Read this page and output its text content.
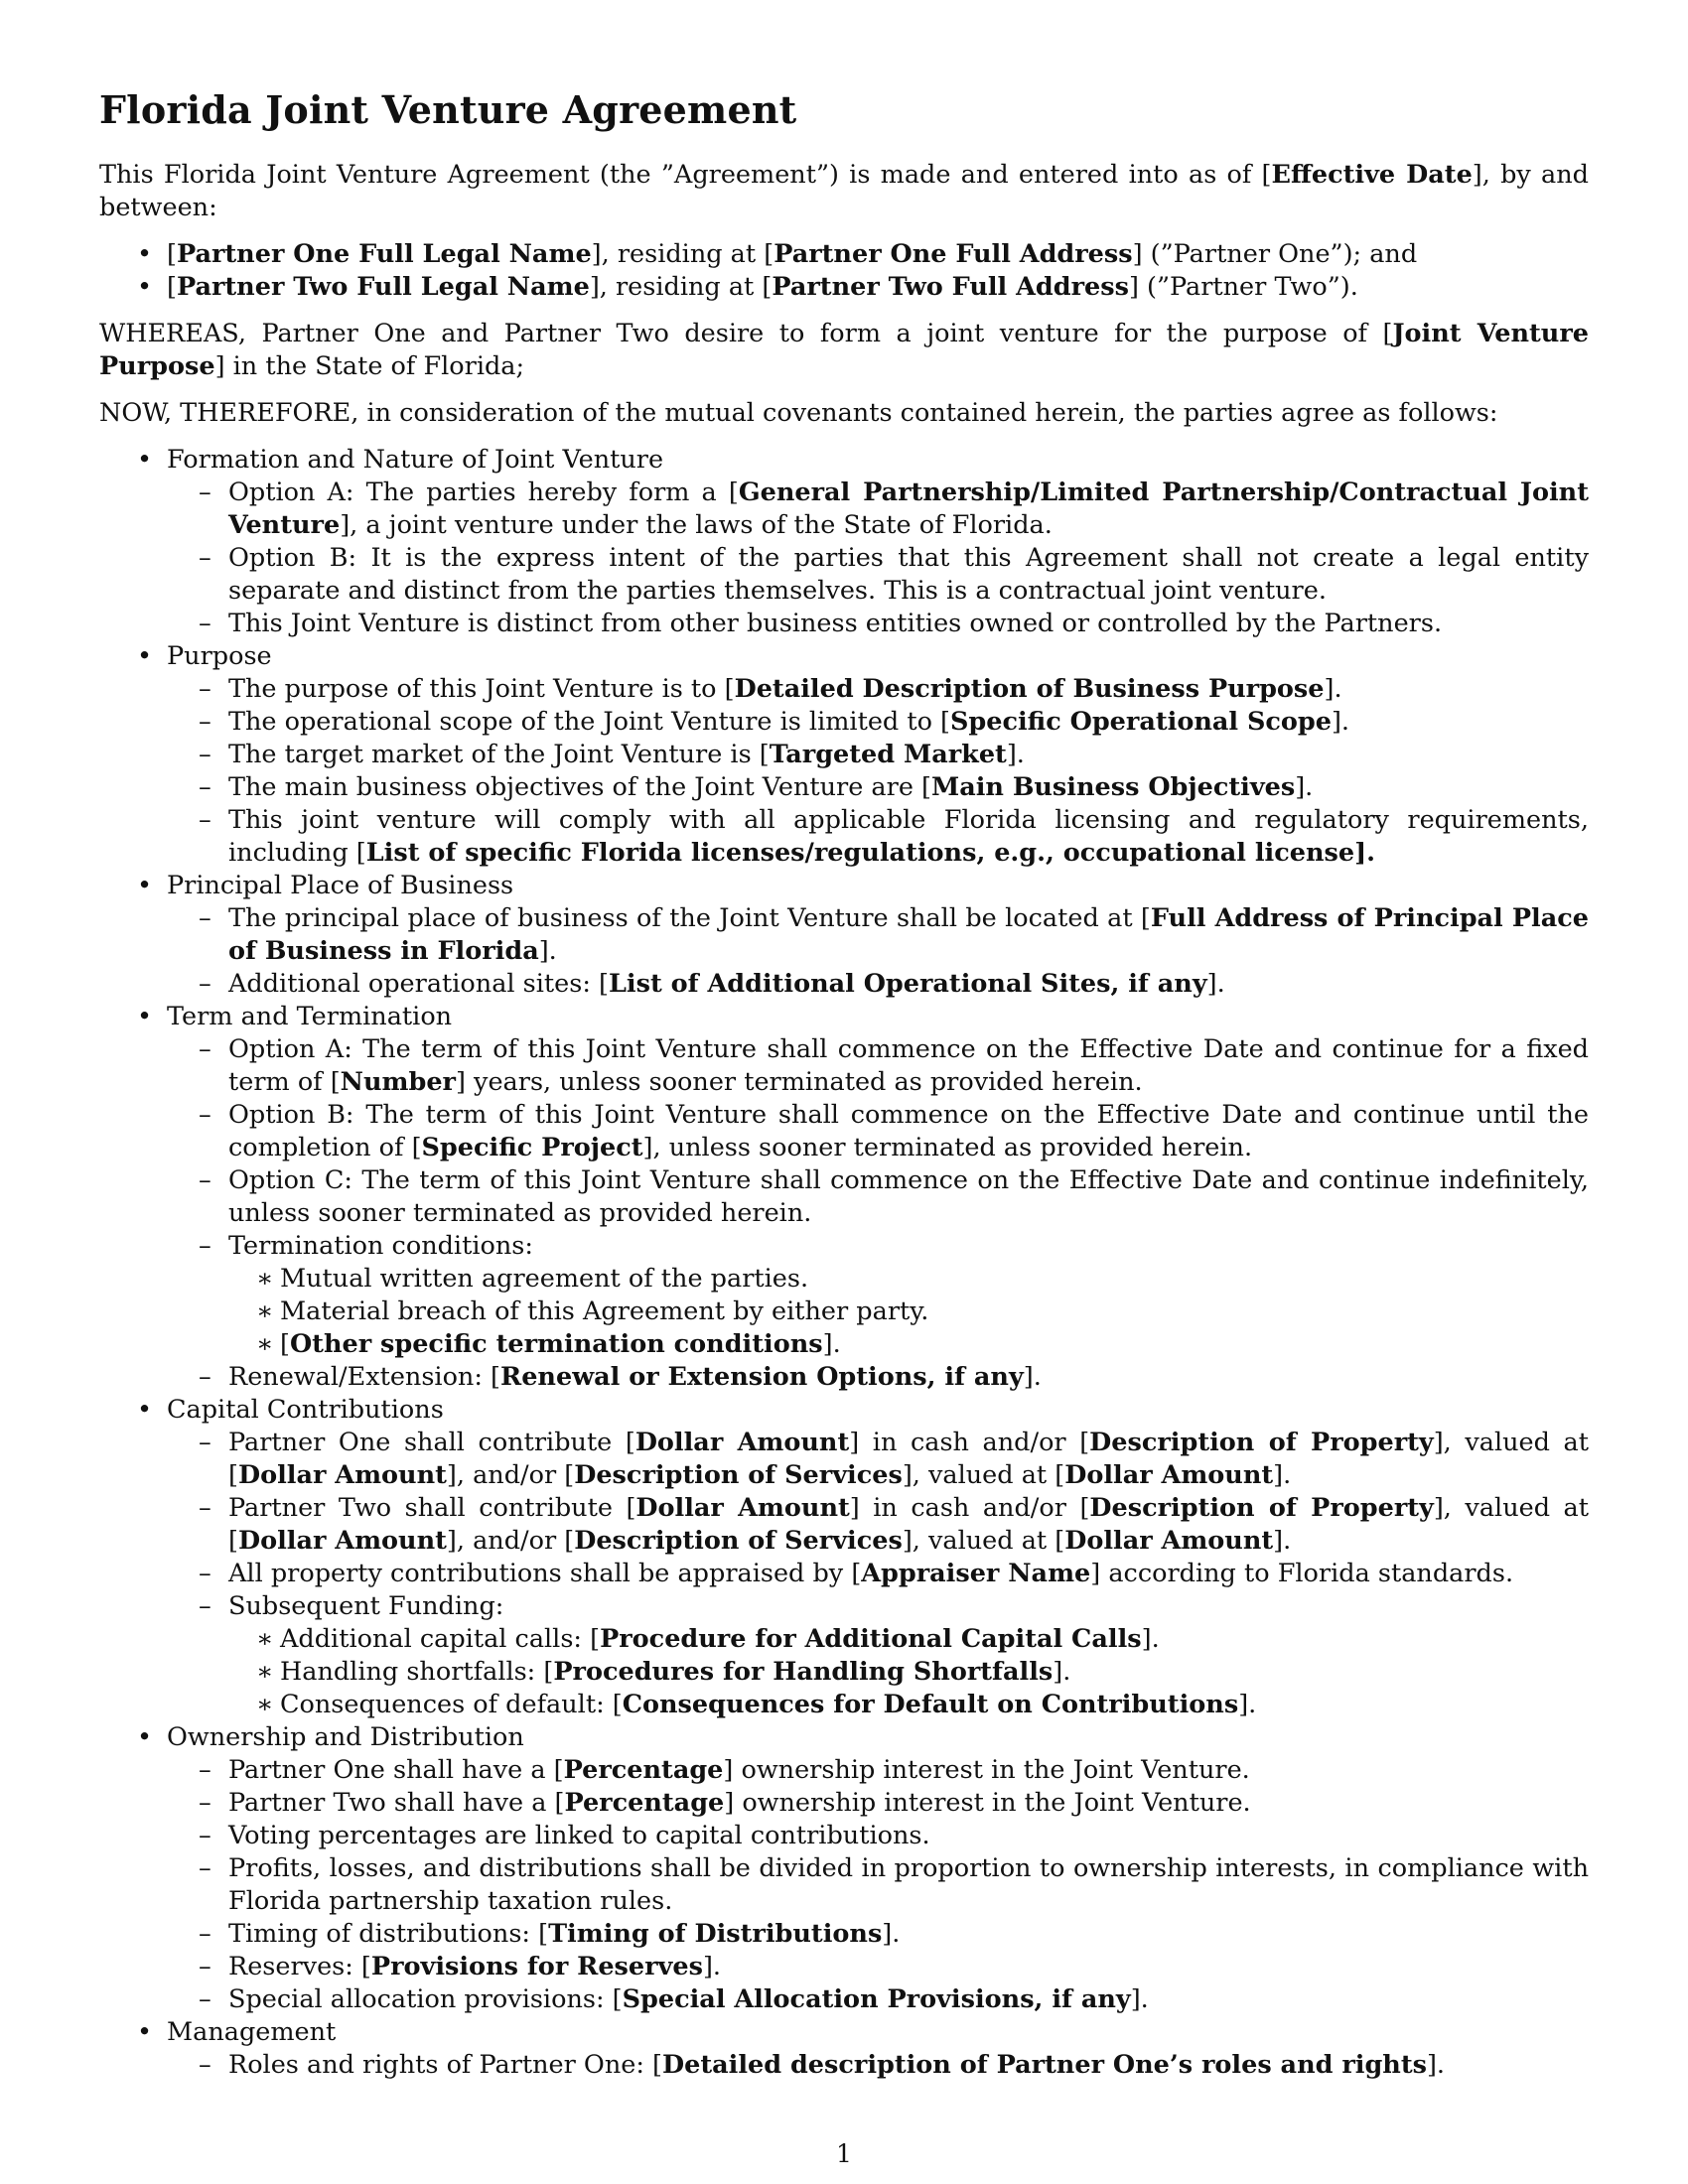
Florida Joint Venture Agreement

This Florida Joint Venture Agreement (the ”Agreement”) is made and entered into as of [Effective Date], by and between:

• [Partner One Full Legal Name], residing at [Partner One Full Address] (”Partner One”); and
• [Partner Two Full Legal Name], residing at [Partner Two Full Address] (”Partner Two”).

WHEREAS, Partner One and Partner Two desire to form a joint venture for the purpose of [Joint Venture Purpose] in the State of Florida;

NOW, THEREFORE, in consideration of the mutual covenants contained herein, the parties agree as follows:

• Formation and Nature of Joint Venture
– Option A: The parties hereby form a [General Partnership/Limited Partnership/Contractual Joint Venture], a joint venture under the laws of the State of Florida.
– Option B: It is the express intent of the parties that this Agreement shall not create a legal entity separate and distinct from the parties themselves. This is a contractual joint venture.
– This Joint Venture is distinct from other business entities owned or controlled by the Partners.
• Purpose
– The purpose of this Joint Venture is to [Detailed Description of Business Purpose].
– The operational scope of the Joint Venture is limited to [Specific Operational Scope].
– The target market of the Joint Venture is [Targeted Market].
– The main business objectives of the Joint Venture are [Main Business Objectives].
– This joint venture will comply with all applicable Florida licensing and regulatory requirements, including [List of specific Florida licenses/regulations, e.g., occupational license].
• Principal Place of Business
– The principal place of business of the Joint Venture shall be located at [Full Address of Principal Place of Business in Florida].
– Additional operational sites: [List of Additional Operational Sites, if any].
• Term and Termination
– Option A: The term of this Joint Venture shall commence on the Effective Date and continue for a fixed term of [Number] years, unless sooner terminated as provided herein.
– Option B: The term of this Joint Venture shall commence on the Effective Date and continue until the completion of [Specific Project], unless sooner terminated as provided herein.
– Option C: The term of this Joint Venture shall commence on the Effective Date and continue indefinitely, unless sooner terminated as provided herein.
– Termination conditions:
∗ Mutual written agreement of the parties.
∗ Material breach of this Agreement by either party.
∗ [Other specific termination conditions].
– Renewal/Extension: [Renewal or Extension Options, if any].
• Capital Contributions
– Partner One shall contribute [Dollar Amount] in cash and/or [Description of Property], valued at [Dollar Amount], and/or [Description of Services], valued at [Dollar Amount].
– Partner Two shall contribute [Dollar Amount] in cash and/or [Description of Property], valued at [Dollar Amount], and/or [Description of Services], valued at [Dollar Amount].
– All property contributions shall be appraised by [Appraiser Name] according to Florida standards.
– Subsequent Funding:
∗ Additional capital calls: [Procedure for Additional Capital Calls].
∗ Handling shortfalls: [Procedures for Handling Shortfalls].
∗ Consequences of default: [Consequences for Default on Contributions].
• Ownership and Distribution
– Partner One shall have a [Percentage] ownership interest in the Joint Venture.
– Partner Two shall have a [Percentage] ownership interest in the Joint Venture.
– Voting percentages are linked to capital contributions.
– Profits, losses, and distributions shall be divided in proportion to ownership interests, in compliance with Florida partnership taxation rules.
– Timing of distributions: [Timing of Distributions].
– Reserves: [Provisions for Reserves].
– Special allocation provisions: [Special Allocation Provisions, if any].
• Management
– Roles and rights of Partner One: [Detailed description of Partner One’s roles and rights].
1
